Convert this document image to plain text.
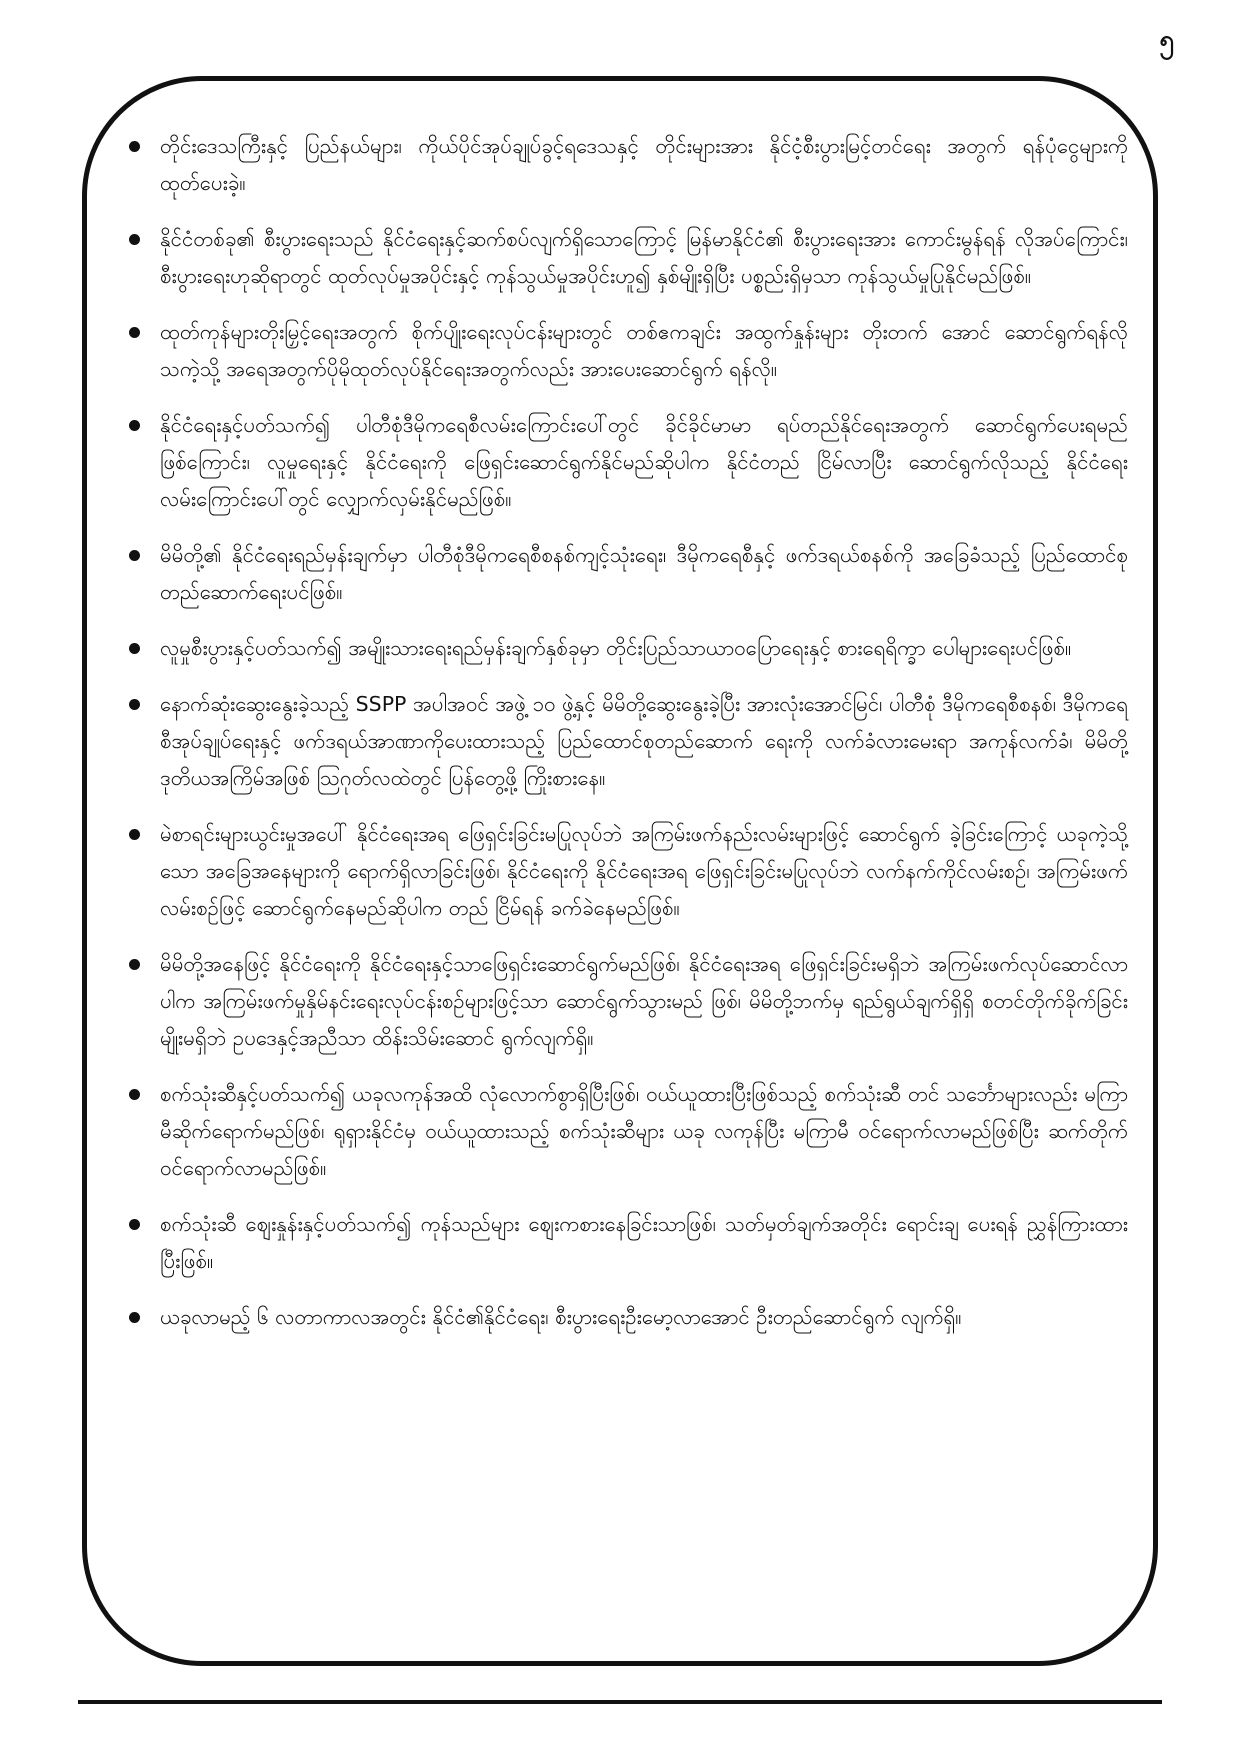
၅
တိုင်းဒေသကြီးနှင့် ပြည်နယ်များ၊ ကိုယ်ပိုင်အုပ်ချုပ်ခွင့်ရဒေသနှင့် တိုင်းများအား နိုင်ငံ့စီးပွားမြင့်တင်ရေး အတွက် ရန်ပုံငွေများကို ထုတ်ပေးခဲ့။
နိုင်ငံတစ်ခု၏ စီးပွားရေးသည် နိုင်ငံရေးနှင့်ဆက်စပ်လျက်ရှိသောကြောင့် မြန်မာနိုင်ငံ၏ စီးပွားရေးအား ကောင်းမွန်ရန် လိုအပ်ကြောင်း၊ စီးပွားရေးဟုဆိုရာတွင် ထုတ်လုပ်မှုအပိုင်းနှင့် ကုန်သွယ်မှုအပိုင်းဟူ၍ နှစ်မျိုးရှိပြီး ပစ္စည်းရှိမှသာ ကုန်သွယ်မှုပြုနိုင်မည်ဖြစ်။
ထုတ်ကုန်များတိုးမြှင့်ရေးအတွက် စိုက်ပျိုးရေးလုပ်ငန်းများတွင် တစ်ဧကချင်း အထွက်နှုန်းများ တိုးတက် အောင် ဆောင်ရွက်ရန်လိုသကဲ့သို့ အရေအတွက်ပိုမိုထုတ်လုပ်နိုင်ရေးအတွက်လည်း အားပေးဆောင်ရွက် ရန်လို။
နိုင်ငံရေးနှင့်ပတ်သက်၍ ပါတီစုံဒီမိုကရေစီလမ်းကြောင်းပေါ်တွင် ခိုင်ခိုင်မာမာ ရပ်တည်နိုင်ရေးအတွက် ဆောင်ရွက်ပေးရမည်ဖြစ်ကြောင်း၊ လူမှုရေးနှင့် နိုင်ငံရေးကို ဖြေရှင်းဆောင်ရွက်နိုင်မည်ဆိုပါက နိုင်ငံတည် ငြိမ်လာပြီး ဆောင်ရွက်လိုသည့် နိုင်ငံရေးလမ်းကြောင်းပေါ်တွင် လျှောက်လှမ်းနိုင်မည်ဖြစ်။
မိမိတို့၏ နိုင်ငံရေးရည်မှန်းချက်မှာ ပါတီစုံဒီမိုကရေစီစနစ်ကျင့်သုံးရေး၊ ဒီမိုကရေစီနှင့် ဖက်ဒရယ်စနစ်ကို အခြေခံသည့် ပြည်ထောင်စုတည်ဆောက်ရေးပင်ဖြစ်။
လူမှုစီးပွားနှင့်ပတ်သက်၍ အမျိုးသားရေးရည်မှန်းချက်နှစ်ခုမှာ တိုင်းပြည်သာယာဝပြောရေးနှင့် စားရေရိက္ခာ ပေါများရေးပင်ဖြစ်။
နောက်ဆုံးဆွေးနွေးခဲ့သည့် SSPP အပါအဝင် အဖွဲ့ ၁၀ ဖွဲ့နှင့် မိမိတို့ဆွေးနွေးခဲ့ပြီး အားလုံးအောင်မြင်၊ ပါတီစုံ ဒီမိုကရေစီစနစ်၊ ဒီမိုကရေစီအုပ်ချုပ်ရေးနှင့် ဖက်ဒရယ်အာဏာကိုပေးထားသည့် ပြည်ထောင်စုတည်ဆောက် ရေးကို လက်ခံလားမေးရာ အကုန်လက်ခံ၊ မိမိတို့ဒုတိယအကြိမ်အဖြစ် ဩဂုတ်လထဲတွင် ပြန်တွေ့ဖို့ ကြိုးစားနေ။
မဲစာရင်းများယွင်းမှုအပေါ် နိုင်ငံရေးအရ ဖြေရှင်းခြင်းမပြုလုပ်ဘဲ အကြမ်းဖက်နည်းလမ်းများဖြင့် ဆောင်ရွက် ခဲ့ခြင်းကြောင့် ယခုကဲ့သို့သော အခြေအနေများကို ရောက်ရှိလာခြင်းဖြစ်၊ နိုင်ငံရေးကို နိုင်ငံရေးအရ ဖြေရှင်းခြင်းမပြုလုပ်ဘဲ လက်နက်ကိုင်လမ်းစဉ်၊ အကြမ်းဖက်လမ်းစဉ်ဖြင့် ဆောင်ရွက်နေမည်ဆိုပါက တည် ငြိမ်ရန် ခက်ခဲနေမည်ဖြစ်။
မိမိတို့အနေဖြင့် နိုင်ငံရေးကို နိုင်ငံရေးနှင့်သာဖြေရှင်းဆောင်ရွက်မည်ဖြစ်၊ နိုင်ငံရေးအရ ဖြေရှင်းခြင်းမရှိဘဲ အကြမ်းဖက်လုပ်ဆောင်လာပါက အကြမ်းဖက်မှုနှိမ်နင်းရေးလုပ်ငန်းစဉ်များဖြင့်သာ ဆောင်ရွက်သွားမည် ဖြစ်၊ မိမိတို့ဘက်မှ ရည်ရွယ်ချက်ရှိရှိ စတင်တိုက်ခိုက်ခြင်းမျိုးမရှိဘဲ ဥပဒေနှင့်အညီသာ ထိန်းသိမ်းဆောင် ရွက်လျက်ရှိ။
စက်သုံးဆီနှင့်ပတ်သက်၍ ယခုလကုန်အထိ လုံလောက်စွာရှိပြီးဖြစ်၊ ဝယ်ယူထားပြီးဖြစ်သည့် စက်သုံးဆီ တင် သင်္ဘောများလည်း မကြာမီဆိုက်ရောက်မည်ဖြစ်၊ ရုရှားနိုင်ငံမှ ဝယ်ယူထားသည့် စက်သုံးဆီများ ယခု လကုန်ပြီး မကြာမီ ဝင်ရောက်လာမည်ဖြစ်ပြီး ဆက်တိုက်ဝင်ရောက်လာမည်ဖြစ်။
စက်သုံးဆီ ဈေးနှုန်းနှင့်ပတ်သက်၍ ကုန်သည်များ ဈေးကစားနေခြင်းသာဖြစ်၊ သတ်မှတ်ချက်အတိုင်း ရောင်းချ ပေးရန် ညွှန်ကြားထားပြီးဖြစ်။
ယခုလာမည့် ၆ လတာကာလအတွင်း နိုင်ငံ၏နိုင်ငံရေး၊ စီးပွားရေးဦးမော့လာအောင် ဦးတည်ဆောင်ရွက် လျက်ရှိ။
